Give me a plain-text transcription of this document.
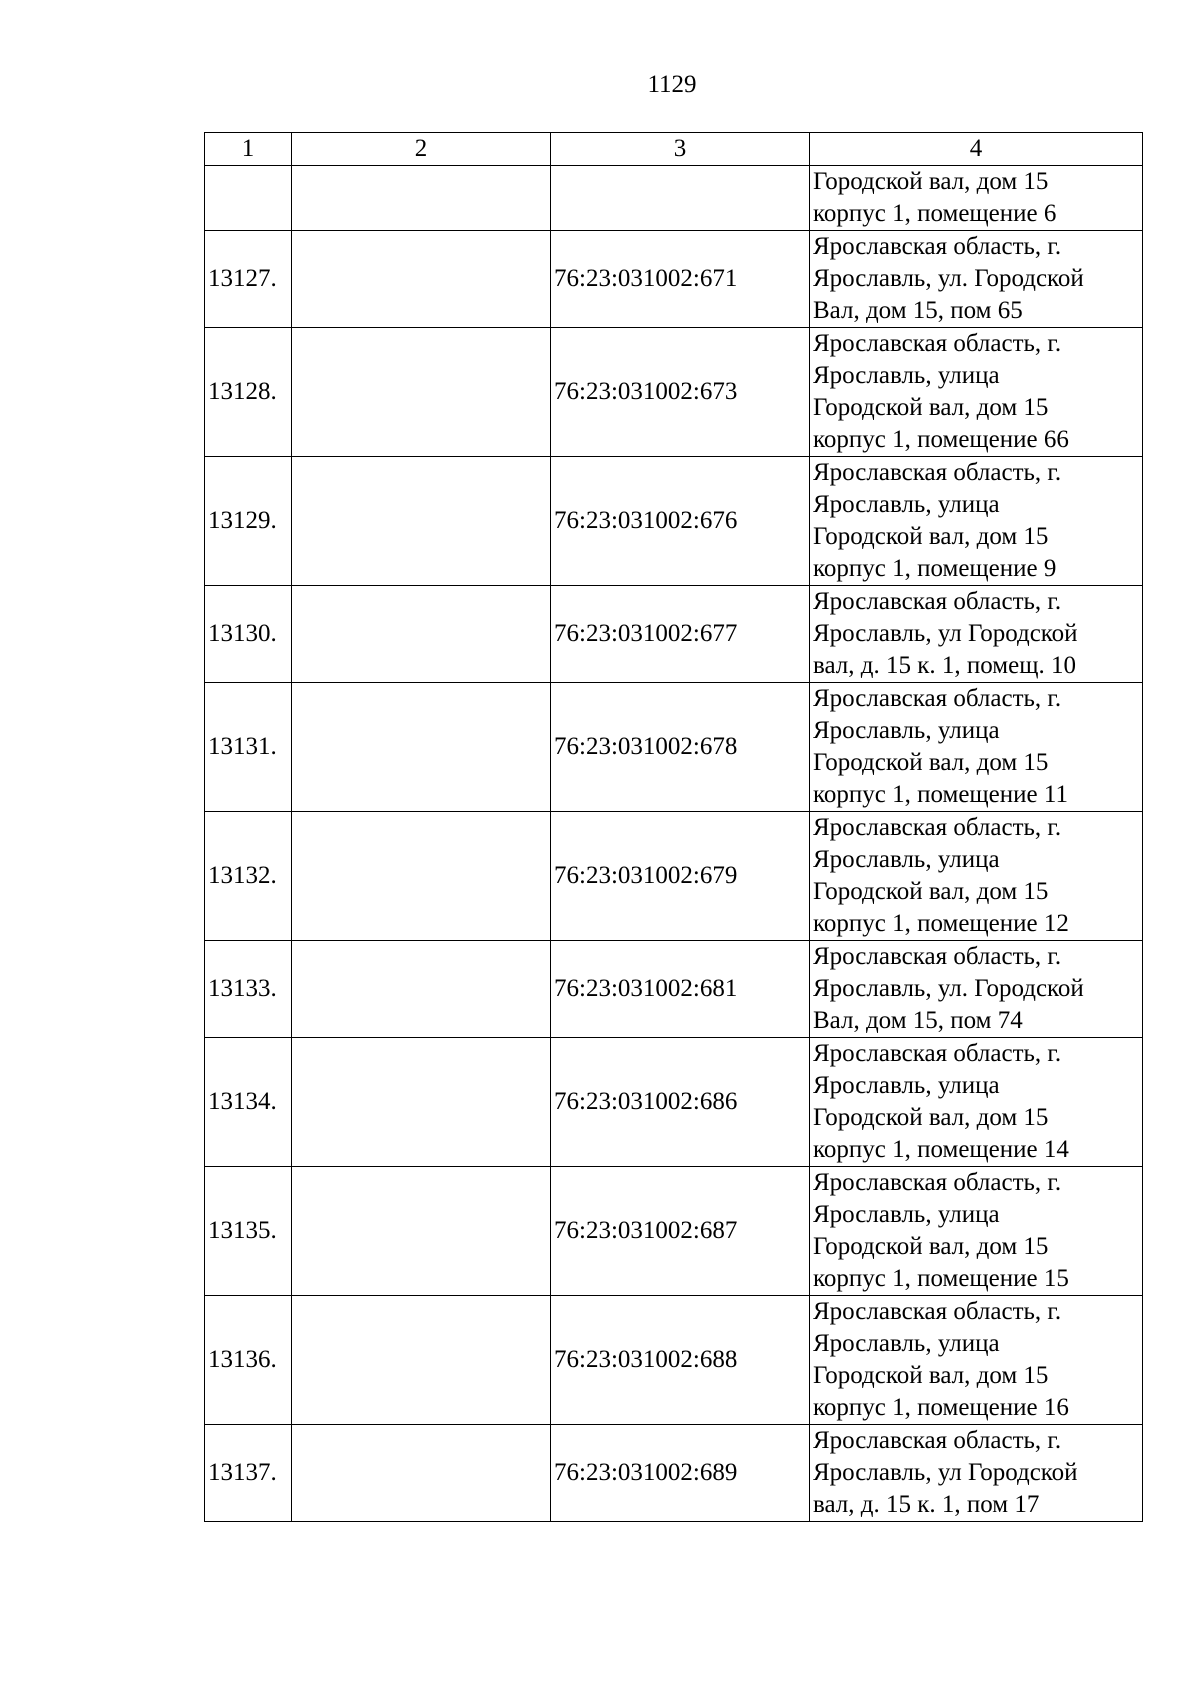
1129
1	2	3	4

			Городской вал, дом 15
корпус 1, помещение 6

13127.		76:23:031002:671	Ярославская область, г.
Ярославль, ул. Городской
Вал, дом 15, пом 65

13128.		76:23:031002:673	Ярославская область, г.
Ярославль, улица
Городской вал, дом 15
корпус 1, помещение 66

13129.		76:23:031002:676	Ярославская область, г.
Ярославль, улица
Городской вал, дом 15
корпус 1, помещение 9

13130.		76:23:031002:677	Ярославская область, г.
Ярославль, ул Городской
вал, д. 15 к. 1, помещ. 10

13131.		76:23:031002:678	Ярославская область, г.
Ярославль, улица
Городской вал, дом 15
корпус 1, помещение 11

13132.		76:23:031002:679	Ярославская область, г.
Ярославль, улица
Городской вал, дом 15
корпус 1, помещение 12

13133.		76:23:031002:681	Ярославская область, г.
Ярославль, ул. Городской
Вал, дом 15, пом 74

13134.		76:23:031002:686	Ярославская область, г.
Ярославль, улица
Городской вал, дом 15
корпус 1, помещение 14

13135.		76:23:031002:687	Ярославская область, г.
Ярославль, улица
Городской вал, дом 15
корпус 1, помещение 15

13136.		76:23:031002:688	Ярославская область, г.
Ярославль, улица
Городской вал, дом 15
корпус 1, помещение 16

13137.		76:23:031002:689	Ярославская область, г.
Ярославль, ул Городской
вал, д. 15 к. 1, пом 17
